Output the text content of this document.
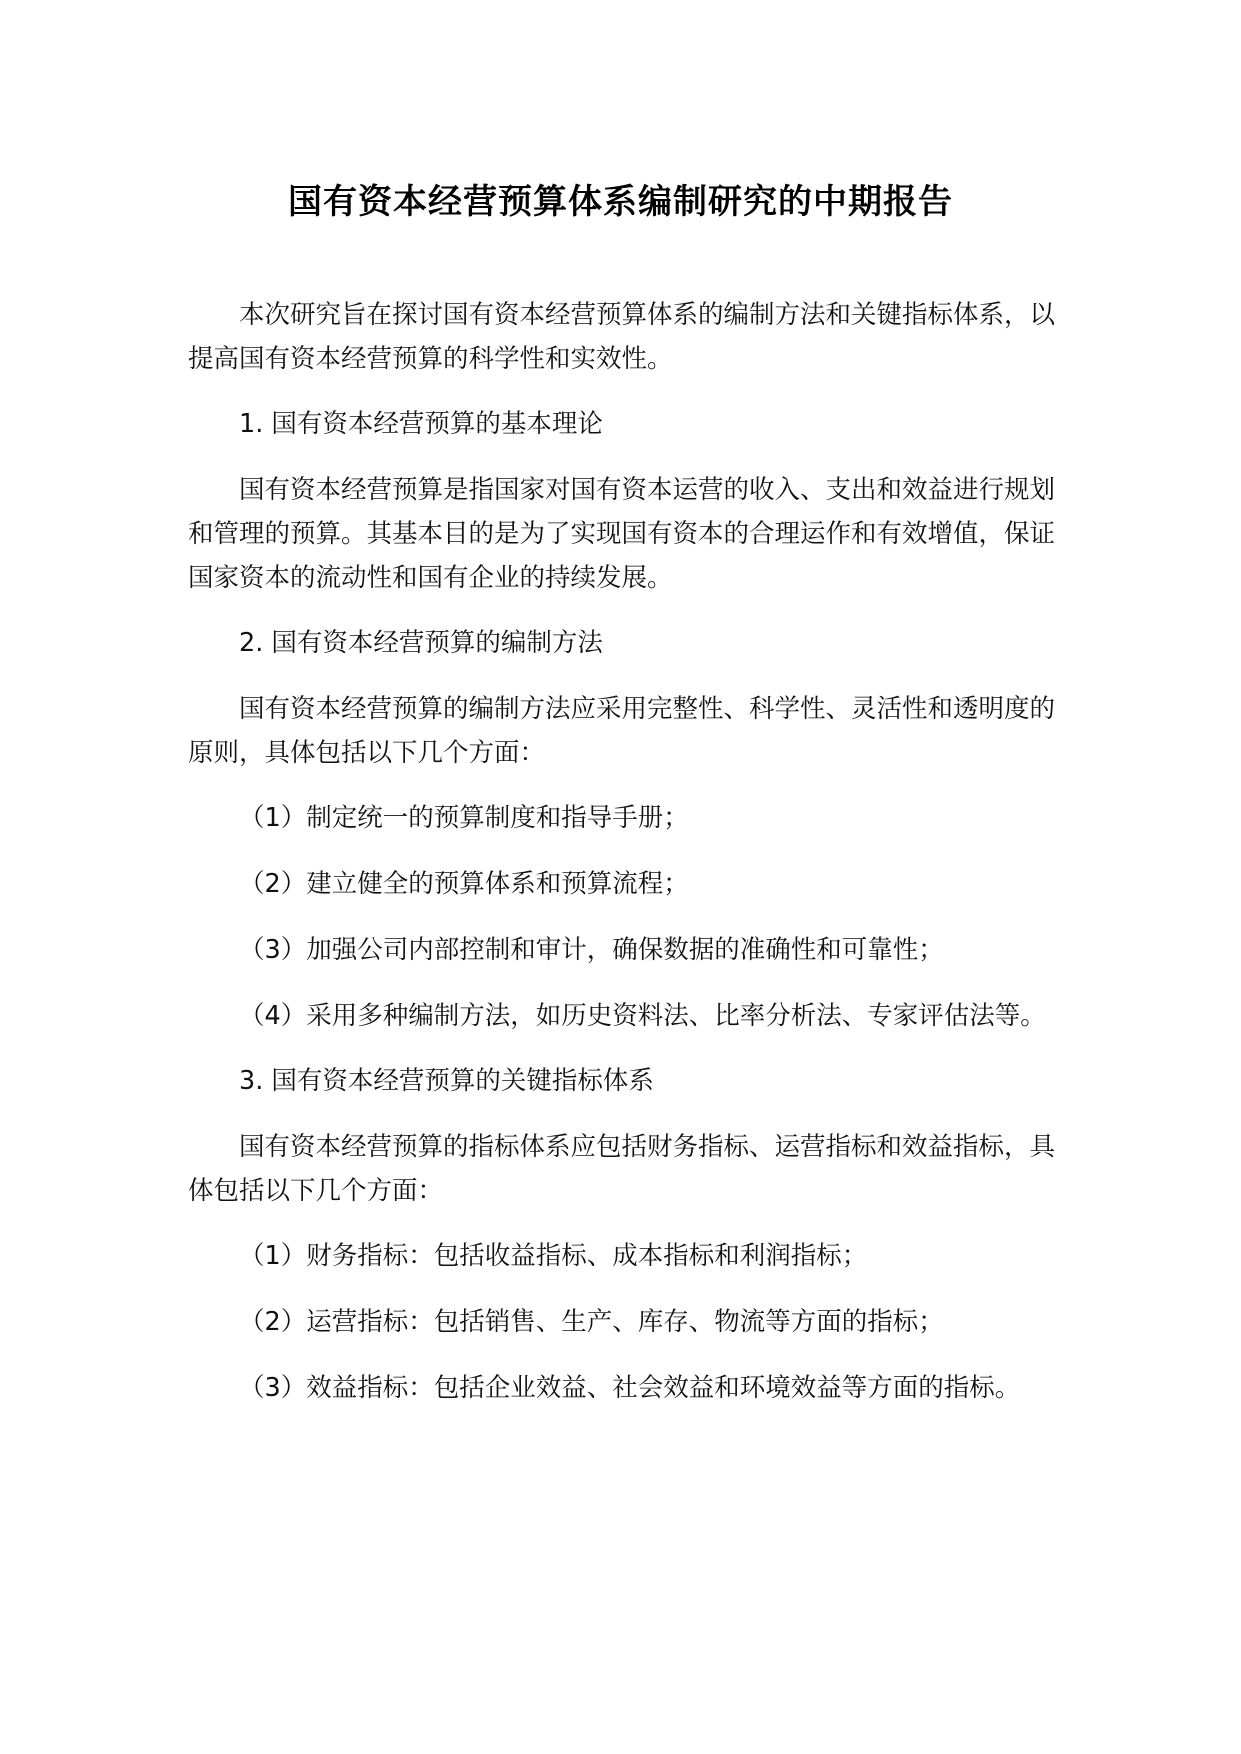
国有资本经营预算体系编制研究的中期报告

本次研究旨在探讨国有资本经营预算体系的编制方法和关键指标体系，以提高国有资本经营预算的科学性和实效性。

1. 国有资本经营预算的基本理论

国有资本经营预算是指国家对国有资本运营的收入、支出和效益进行规划和管理的预算。其基本目的是为了实现国有资本的合理运作和有效增值，保证国家资本的流动性和国有企业的持续发展。

2. 国有资本经营预算的编制方法

国有资本经营预算的编制方法应采用完整性、科学性、灵活性和透明度的原则，具体包括以下几个方面：

（1）制定统一的预算制度和指导手册；

（2）建立健全的预算体系和预算流程；

（3）加强公司内部控制和审计，确保数据的准确性和可靠性；

（4）采用多种编制方法，如历史资料法、比率分析法、专家评估法等。

3. 国有资本经营预算的关键指标体系

国有资本经营预算的指标体系应包括财务指标、运营指标和效益指标，具体包括以下几个方面：

（1）财务指标：包括收益指标、成本指标和利润指标；

（2）运营指标：包括销售、生产、库存、物流等方面的指标；

（3）效益指标：包括企业效益、社会效益和环境效益等方面的指标。
